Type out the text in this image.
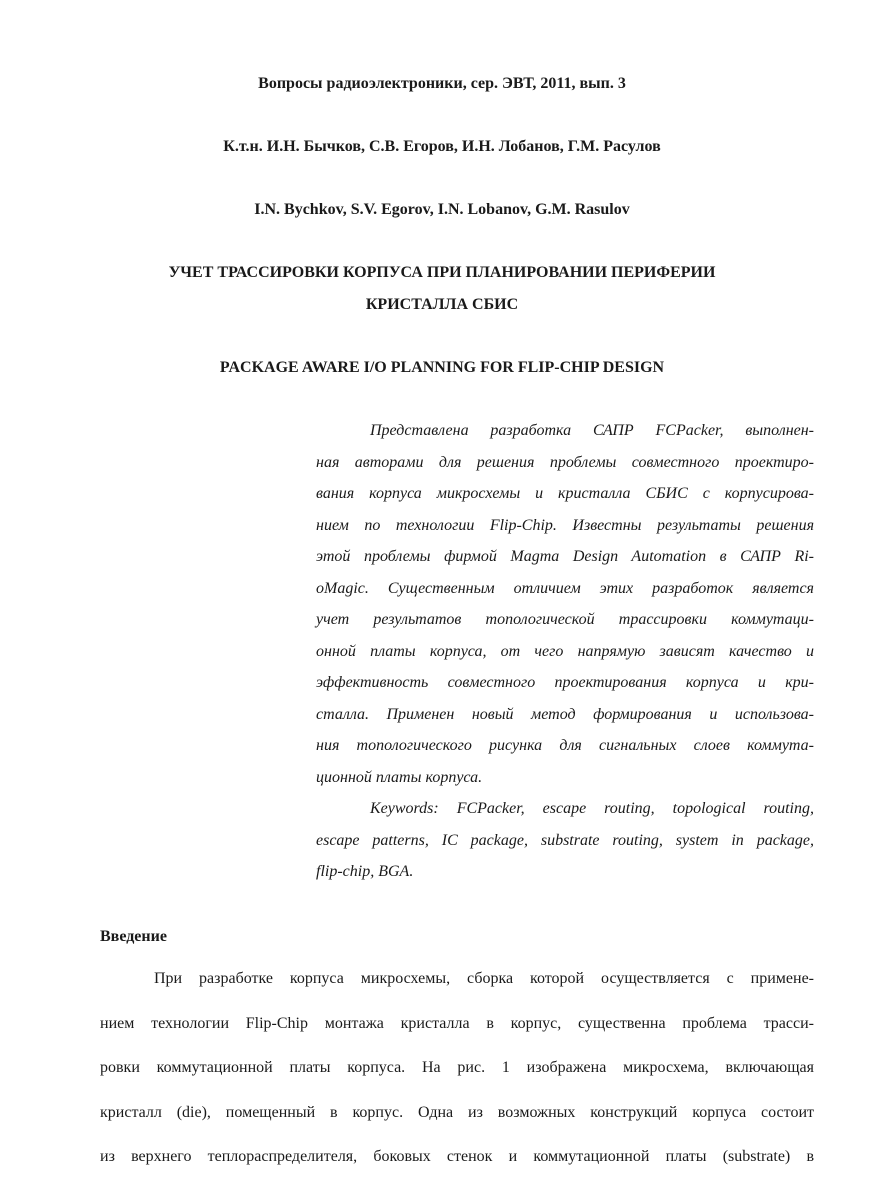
Вопросы радиоэлектроники, сер. ЭВТ, 2011, вып. 3
К.т.н. И.Н. Бычков, С.В. Егоров, И.Н. Лобанов, Г.М. Расулов
I.N. Bychkov, S.V. Egorov, I.N. Lobanov, G.M. Rasulov
УЧЕТ ТРАССИРОВКИ КОРПУСА ПРИ ПЛАНИРОВАНИИ ПЕРИФЕРИИ
КРИСТАЛЛА СБИС
PACKAGE AWARE I/O PLANNING FOR FLIP-CHIP DESIGN
Представлена разработка САПР FCPacker, выполнен-
ная авторами для решения проблемы совместного проектиро-
вания корпуса микросхемы и кристалла СБИС с корпусирова-
нием по технологии Flip-Chip. Известны результаты решения
этой проблемы фирмой Magma Design Automation в САПР Ri-
oMagic. Существенным отличием этих разработок является
учет результатов топологической трассировки коммутаци-
онной платы корпуса, от чего напрямую зависят качество и
эффективность совместного проектирования корпуса и кри-
сталла. Применен новый метод формирования и использова-
ния топологического рисунка для сигнальных слоев коммута-
ционной платы корпуса.
Keywords: FCPacker, escape routing, topological routing,
escape patterns, IC package, substrate routing, system in package,
flip-chip, BGA.
Введение
При разработке корпуса микросхемы, сборка которой осуществляется с примене-
нием технологии Flip-Chip монтажа кристалла в корпус, существенна проблема трасси-
ровки коммутационной платы корпуса. На рис. 1 изображена микросхема, включающая
кристалл (die), помещенный в корпус. Одна из возможных конструкций корпуса состоит
из верхнего теплораспределителя, боковых стенок и коммутационной платы (substrate) в
